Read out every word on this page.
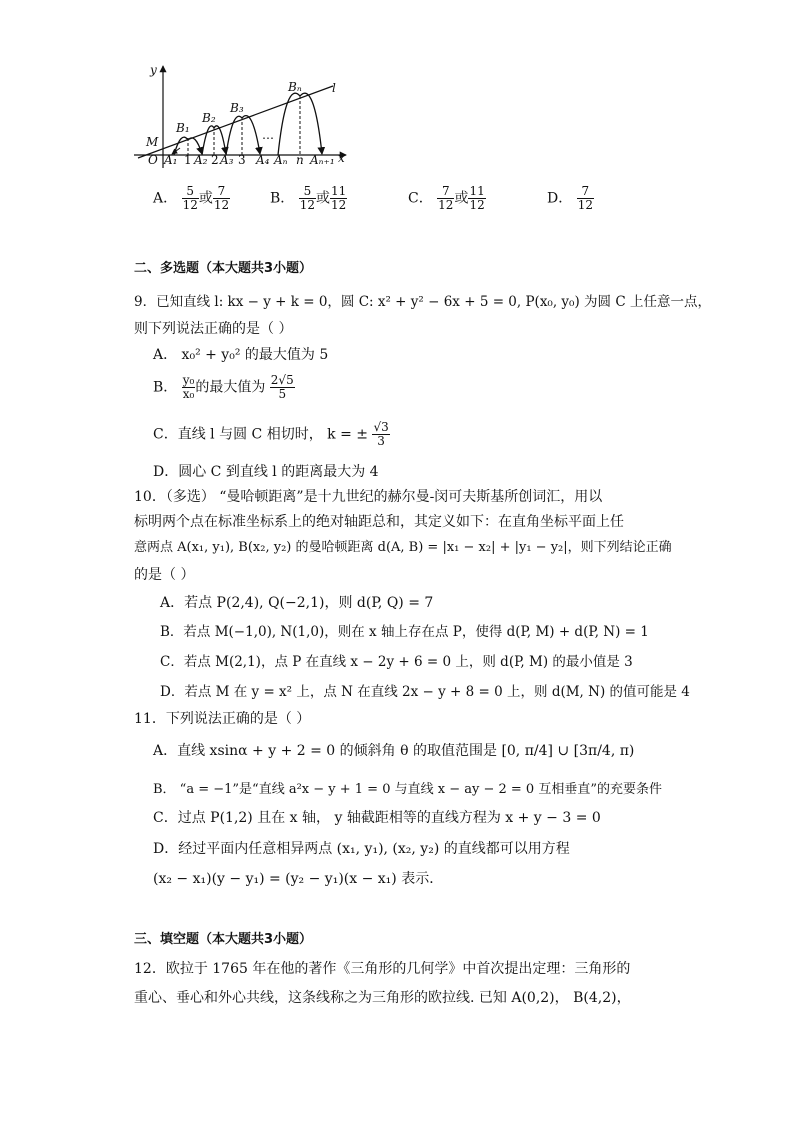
y
x
l
M
O A₁ 1 A₂ 2 A₃ 3 A₄ Aₙ n Aₙ₊₁
B₁
B₂
B₃
Bₙ
⋯
A． $\frac{5}{12}$ 或 $\frac{7}{12}$	B． $\frac{5}{12}$ 或 $\frac{11}{12}$	C． $\frac{7}{12}$ 或 $\frac{11}{12}$	D． $\frac{7}{12}$
二、多选题（本大题共3小题）
9．已知直线 l: kx − y + k = 0，圆 C: x² + y² − 6x + 5 = 0, P(x₀, y₀) 为圆 C 上任意一点，
则下列说法正确的是（ ）
A． x₀² + y₀² 的最大值为 5
B． $\frac{\text{y₀}}{\text{x₀}}$ 的最大值为 $\frac{2√5}{5}$
C．直线 l 与圆 C 相切时， k = ± $\frac{√3}{3}$
D．圆心 C 到直线 l 的距离最大为 4
10．（多选） “曼哈顿距离”是十九世纪的赫尔曼-闵可夫斯基所创词汇，用以
标明两个点在标准坐标系上的绝对轴距总和，其定义如下：在直角坐标平面上任
意两点 A(x₁, y₁), B(x₂, y₂) 的曼哈顿距离 d(A, B) = |x₁ − x₂| + |y₁ − y₂|，则下列结论正确
的是（ ）
A．若点 P(2,4), Q(−2,1)，则 d(P, Q) = 7
B．若点 M(−1,0), N(1,0)，则在 x 轴上存在点 P，使得 d(P, M) + d(P, N) = 1
C．若点 M(2,1)，点 P 在直线 x − 2y + 6 = 0 上，则 d(P, M) 的最小值是 3
D．若点 M 在 y = x² 上，点 N 在直线 2x − y + 8 = 0 上，则 d(M, N) 的值可能是 4
11．下列说法正确的是（ ）
A．直线 xsinα + y + 2 = 0 的倾斜角 θ 的取值范围是 [0, π/4] ∪ [3π/4, π)
B． “a = −1”是“直线 a²x − y + 1 = 0 与直线 x − ay − 2 = 0 互相垂直”的充要条件
C．过点 P(1,2) 且在 x 轴， y 轴截距相等的直线方程为 x + y − 3 = 0
D．经过平面内任意相异两点 (x₁, y₁), (x₂, y₂) 的直线都可以用方程
(x₂ − x₁)(y − y₁) = (y₂ − y₁)(x − x₁) 表示．
三、填空题（本大题共3小题）
12．欧拉于 1765 年在他的著作《三角形的几何学》中首次提出定理：三角形的
重心、垂心和外心共线，这条线称之为三角形的欧拉线. 已知 A(0,2)， B(4,2)，
